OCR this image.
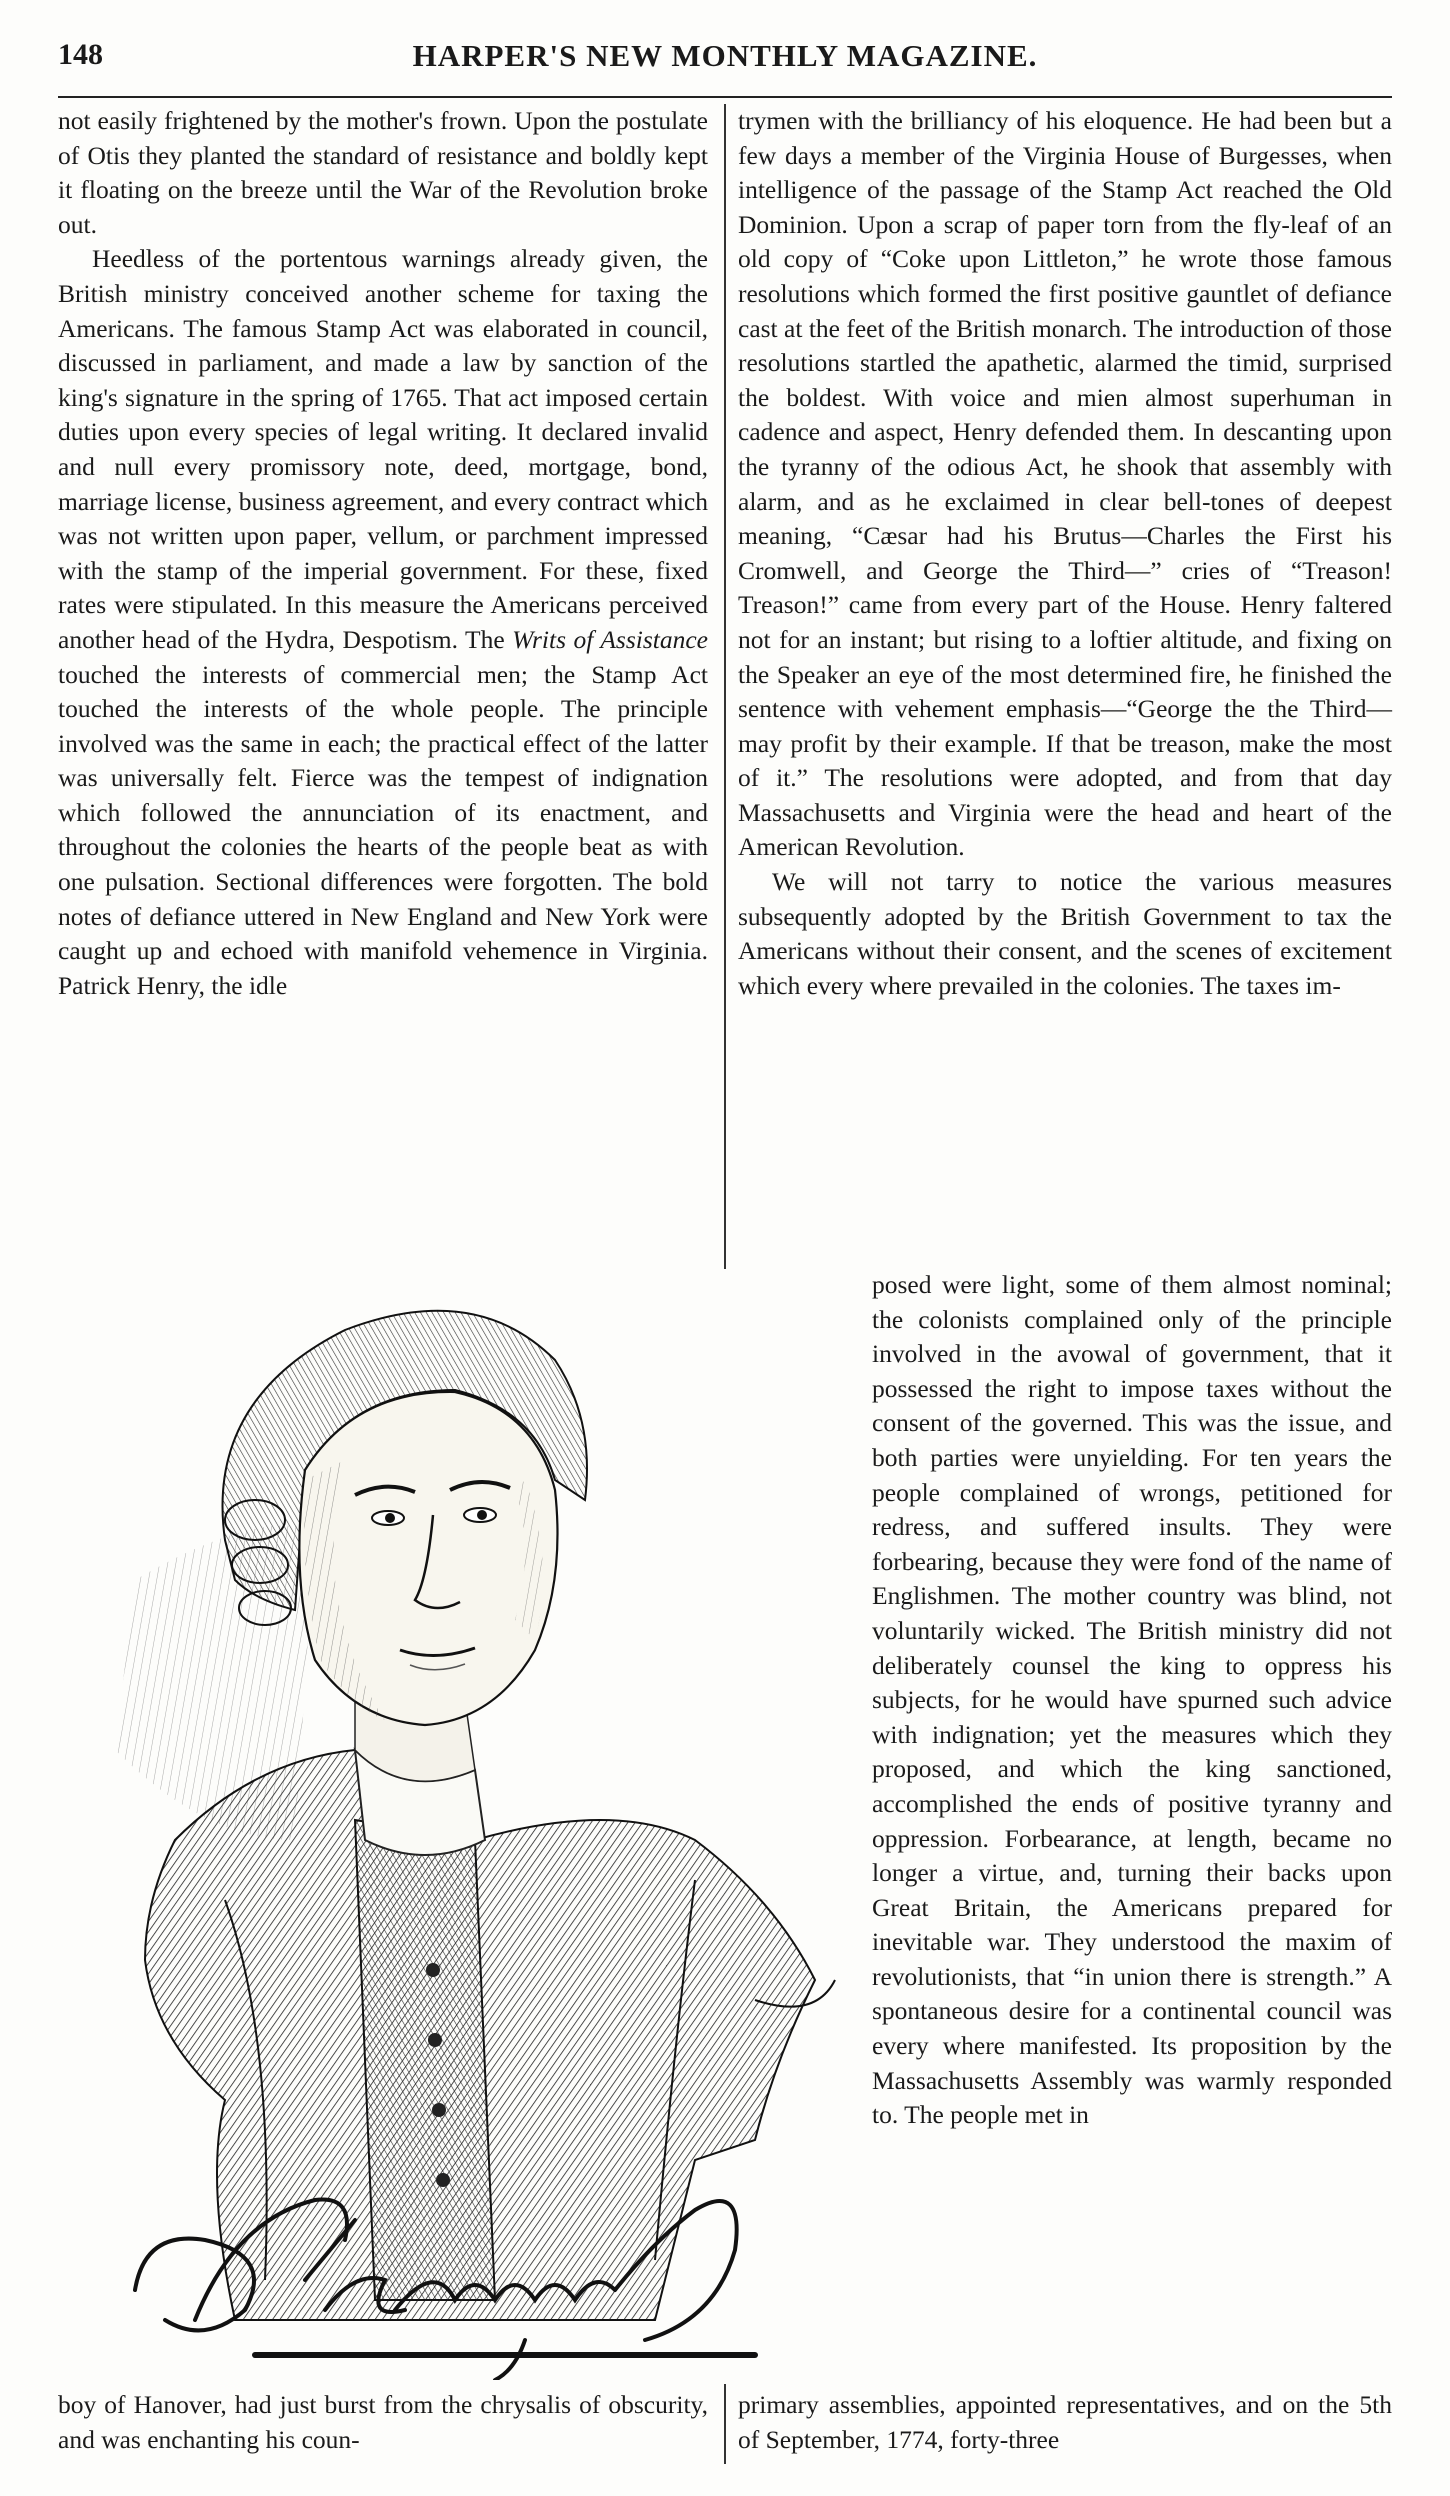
148	HARPER'S NEW MONTHLY MAGAZINE.

not easily frightened by the mother's frown. Upon the postulate of Otis they planted the standard of resistance and boldly kept it floating on the breeze until the War of the Revolution broke out.

Heedless of the portentous warnings already given, the British ministry conceived another scheme for taxing the Americans. The famous Stamp Act was elaborated in council, discussed in parliament, and made a law by sanction of the king's signature in the spring of 1765. That act imposed certain duties upon every species of legal writing. It declared invalid and null every promissory note, deed, mortgage, bond, marriage license, business agreement, and every contract which was not written upon paper, vellum, or parchment impressed with the stamp of the imperial government. For these, fixed rates were stipulated. In this measure the Americans perceived another head of the Hydra, Despotism. The Writs of Assistance touched the interests of commercial men; the Stamp Act touched the interests of the whole people. The principle involved was the same in each; the practical effect of the latter was universally felt. Fierce was the tempest of indignation which followed the annunciation of its enactment, and throughout the colonies the hearts of the people beat as with one pulsation. Sectional differences were forgotten. The bold notes of defiance uttered in New England and New York were caught up and echoed with manifold vehemence in Virginia. Patrick Henry, the idle

trymen with the brilliancy of his eloquence. He had been but a few days a member of the Virginia House of Burgesses, when intelligence of the passage of the Stamp Act reached the Old Dominion. Upon a scrap of paper torn from the fly-leaf of an old copy of “Coke upon Littleton,” he wrote those famous resolutions which formed the first positive gauntlet of defiance cast at the feet of the British monarch. The introduction of those resolutions startled the apathetic, alarmed the timid, surprised the boldest. With voice and mien almost superhuman in cadence and aspect, Henry defended them. In descanting upon the tyranny of the odious Act, he shook that assembly with alarm, and as he exclaimed in clear bell-tones of deepest meaning, “Cæsar had his Brutus—Charles the First his Cromwell, and George the Third—” cries of “Treason! Treason!” came from every part of the House. Henry faltered not for an instant; but rising to a loftier altitude, and fixing on the Speaker an eye of the most determined fire, he finished the sentence with vehement emphasis—“George the the Third—may profit by their example. If that be treason, make the most of it.” The resolutions were adopted, and from that day Massachusetts and Virginia were the head and heart of the American Revolution.

We will not tarry to notice the various measures subsequently adopted by the British Government to tax the Americans without their consent, and the scenes of excitement which every where prevailed in the colonies. The taxes im-

posed were light, some of them almost nominal; the colonists complained only of the principle involved in the avowal of government, that it possessed the right to impose taxes without the consent of the governed. This was the issue, and both parties were unyielding. For ten years the people complained of wrongs, petitioned for redress, and suffered insults. They were forbearing, because they were fond of the name of Englishmen. The mother country was blind, not voluntarily wicked. The British ministry did not deliberately counsel the king to oppress his subjects, for he would have spurned such advice with indignation; yet the measures which they proposed, and which the king sanctioned, accomplished the ends of positive tyranny and oppression. Forbearance, at length, became no longer a virtue, and, turning their backs upon Great Britain, the Americans prepared for inevitable war. They understood the maxim of revolutionists, that “in union there is strength.” A spontaneous desire for a continental council was every where manifested. Its proposition by the Massachusetts Assembly was warmly responded to. The people met in

boy of Hanover, had just burst from the chrysalis of obscurity, and was enchanting his coun-

primary assemblies, appointed representatives, and on the 5th of September, 1774, forty-three
